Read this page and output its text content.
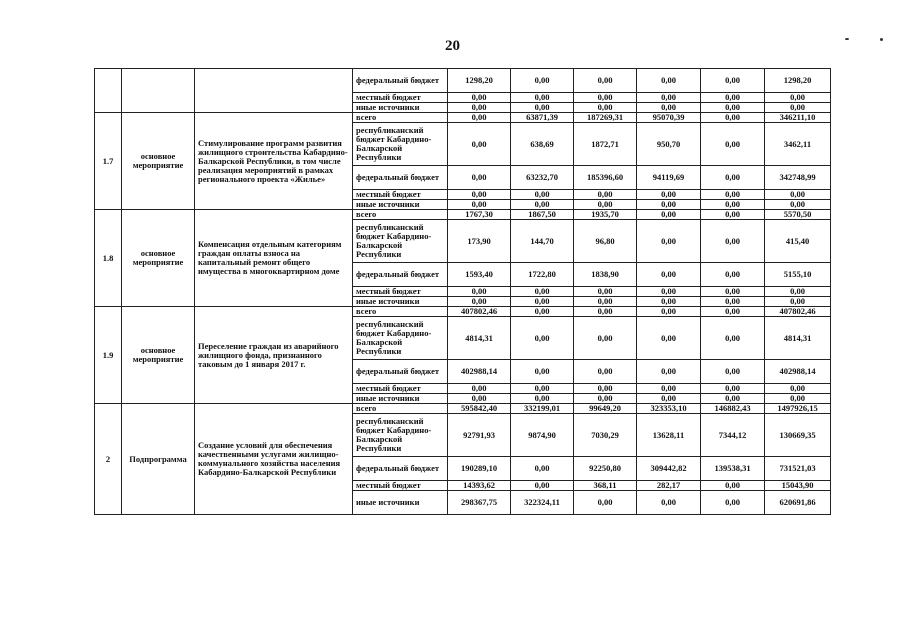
20
			федеральный бюджет	1298,20	0,00	0,00	0,00	0,00	1298,20
			местный бюджет	0,00	0,00	0,00	0,00	0,00	0,00
			иные источники	0,00	0,00	0,00	0,00	0,00	0,00
1.7	основное мероприятие	Стимулирование программ развития жилищного строительства Кабардино-Балкарской Республики, в том числе реализация мероприятий в рамках регионального проекта «Жилье»	всего	0,00	63871,39	187269,31	95070,39	0,00	346211,10
			республиканский бюджет Кабардино-Балкарской Республики	0,00	638,69	1872,71	950,70	0,00	3462,11
			федеральный бюджет	0,00	63232,70	185396,60	94119,69	0,00	342748,99
			местный бюджет	0,00	0,00	0,00	0,00	0,00	0,00
			иные источники	0,00	0,00	0,00	0,00	0,00	0,00
1.8	основное мероприятие	Компенсация отдельным категориям граждан оплаты взноса на капитальный ремонт общего имущества в многоквартирном доме	всего	1767,30	1867,50	1935,70	0,00	0,00	5570,50
			республиканский бюджет Кабардино-Балкарской Республики	173,90	144,70	96,80	0,00	0,00	415,40
			федеральный бюджет	1593,40	1722,80	1838,90	0,00	0,00	5155,10
			местный бюджет	0,00	0,00	0,00	0,00	0,00	0,00
			иные источники	0,00	0,00	0,00	0,00	0,00	0,00
1.9	основное мероприятие	Переселение граждан из аварийного жилищного фонда, признанного таковым до 1 января 2017 г.	всего	407802,46	0,00	0,00	0,00	0,00	407802,46
			республиканский бюджет Кабардино-Балкарской Республики	4814,31	0,00	0,00	0,00	0,00	4814,31
			федеральный бюджет	402988,14	0,00	0,00	0,00	0,00	402988,14
			местный бюджет	0,00	0,00	0,00	0,00	0,00	0,00
			иные источники	0,00	0,00	0,00	0,00	0,00	0,00
2	Подпрограмма	Создание условий для обеспечения качественными услугами жилищно-коммунального хозяйства населения Кабардино-Балкарской Республики	всего	595842,40	332199,01	99649,20	323353,10	146882,43	1497926,15
			республиканский бюджет Кабардино-Балкарской Республики	92791,93	9874,90	7030,29	13628,11	7344,12	130669,35
			федеральный бюджет	190289,10	0,00	92250,80	309442,82	139538,31	731521,03
			местный бюджет	14393,62	0,00	368,11	282,17	0,00	15043,90
			иные источники	298367,75	322324,11	0,00	0,00	0,00	620691,86
